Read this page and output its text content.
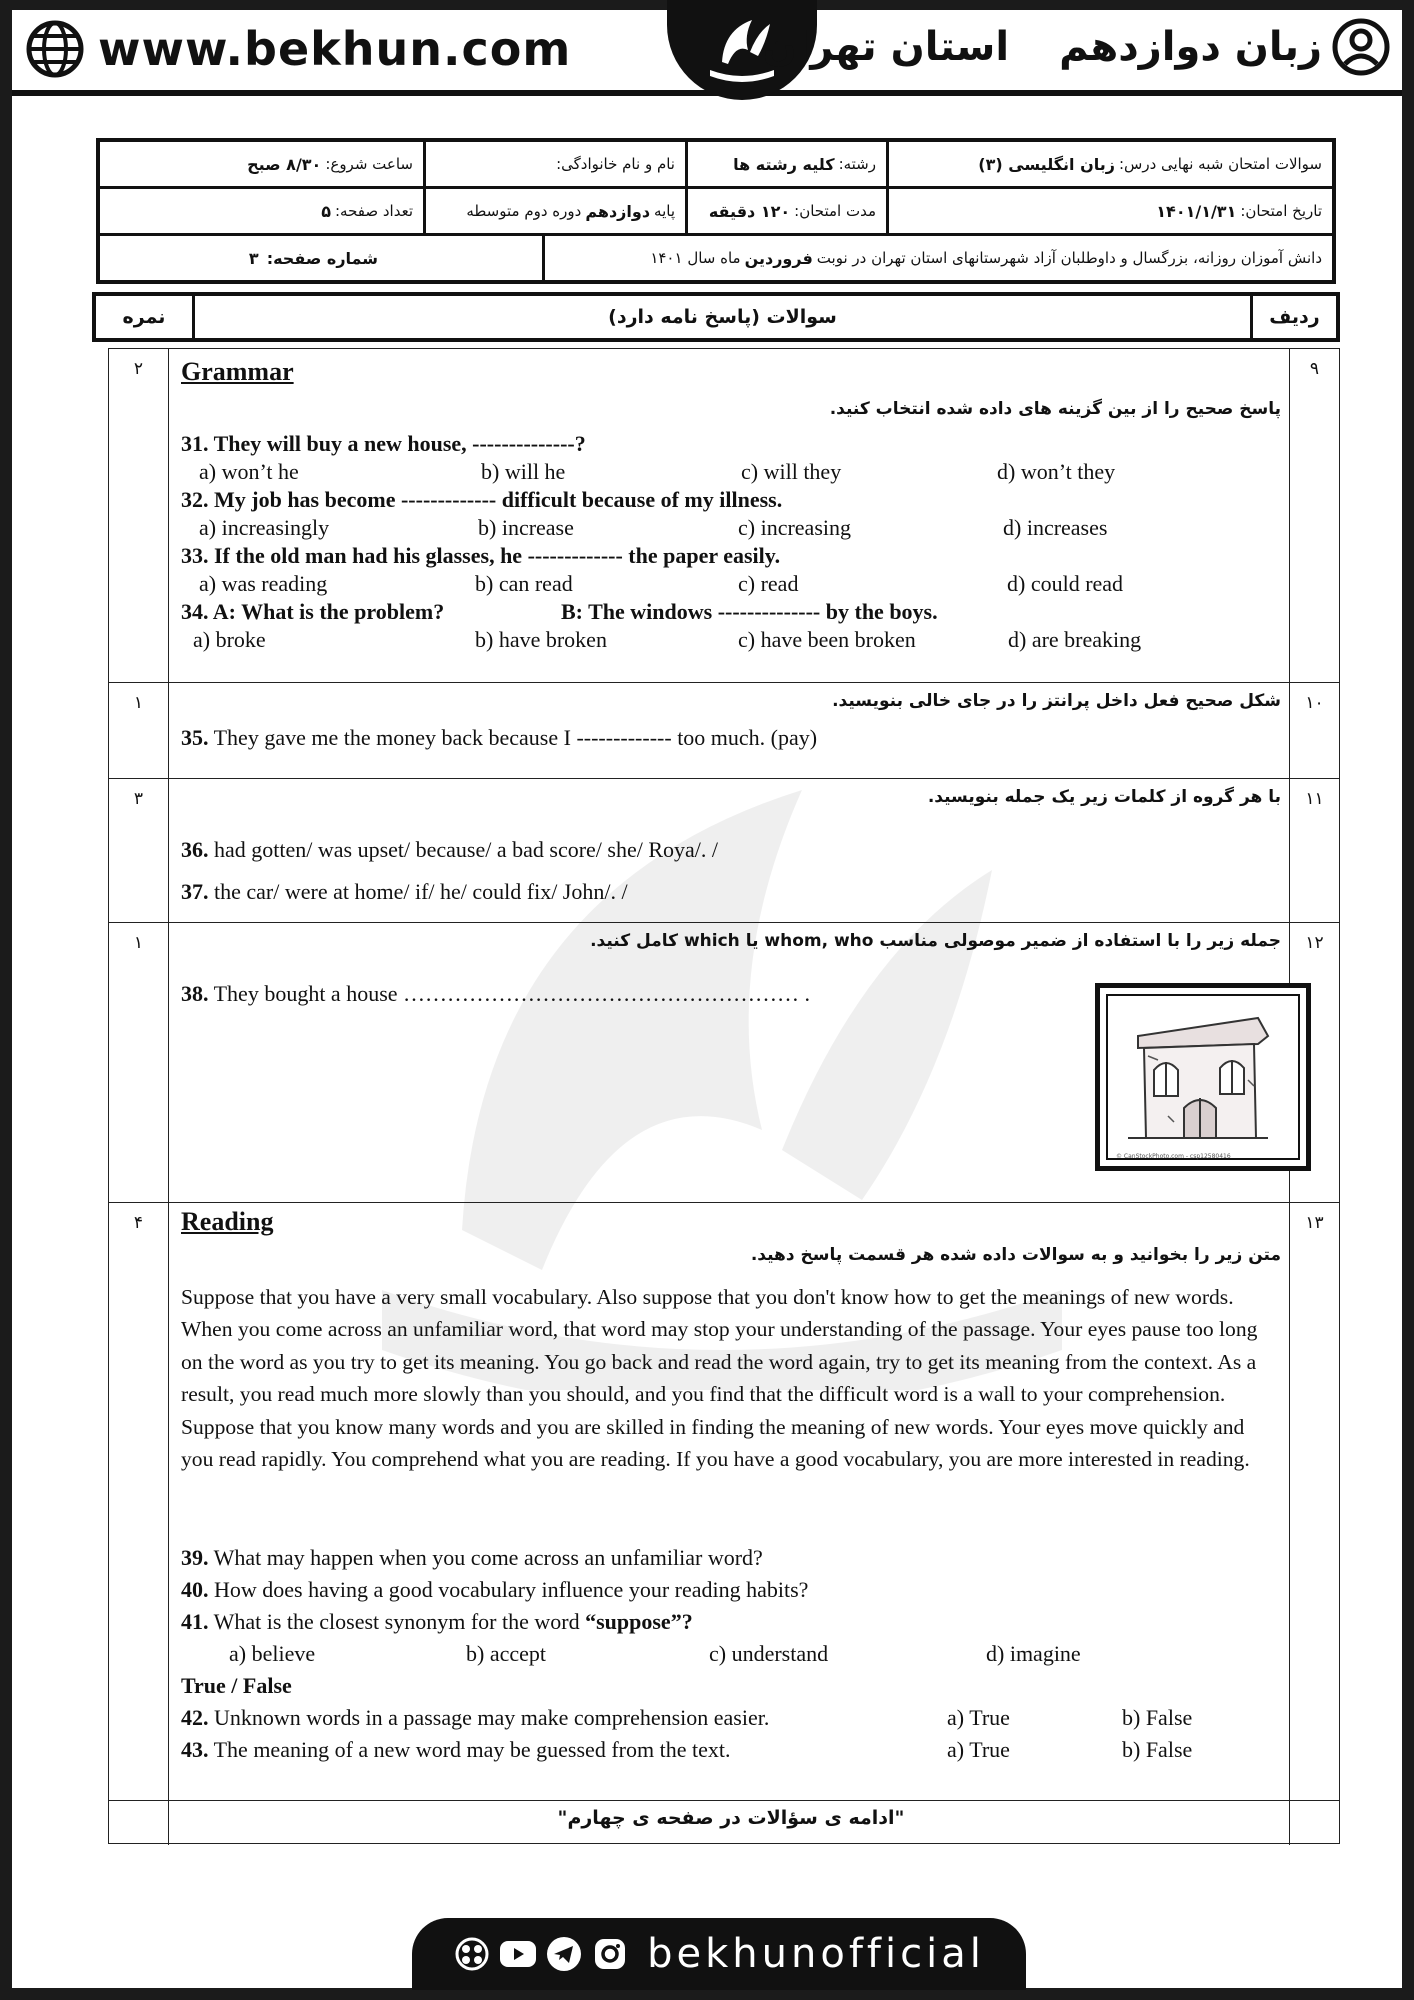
www.bekhun.com	زبان دوازدهم
استان تهران
سوالات امتحان شبه نهایی درس:
زبان انگلیسی (۳)
رشته:
کلیه رشته ها
نام و نام خانوادگی:
ساعت شروع:
۸/۳۰ صبح
تاریخ امتحان:
۱۴۰۱/۱/۳۱
مدت امتحان:
۱۲۰ دقیقه
پایه
دوازدهم
دوره دوم متوسطه
تعداد صفحه:
۵
دانش آموزان روزانه، بزرگسال و داوطلبان آزاد شهرستانهای استان تهران در نوبت
فروردین
ماه سال ۱۴۰۱
شماره صفحه:
۳
نمره	سوالات (پاسخ نامه دارد)	ردیف
۲	۹
Grammar
پاسخ صحیح را از بین گزینه های داده شده انتخاب کنید.
31. They will buy a new house, --------------?
a) won’t he	b) will he	c) will they	d) won’t they
32. My job has become ------------- difficult because of my illness.
a) increasingly	b) increase	c) increasing	d) increases
33. If the old man had his glasses, he ------------- the paper easily.
a) was reading	b) can read	c) read	d) could read
34. A: What is the problem?	B: The windows -------------- by the boys.
a) broke	b) have broken	c) have been broken	d) are breaking
۱	۱۰
شکل صحیح فعل داخل پرانتز را در جای خالی بنویسید.
35. They gave me the money back because I ------------- too much. (pay)
۳	۱۱
با هر گروه از کلمات زیر یک جمله بنویسید.
36. had gotten/ was upset/ because/ a bad score/ she/ Roya/. /
37. the car/ were at home/ if/ he/ could fix/ John/. /
۱	۱۲
جمله زیر را با استفاده از ضمیر موصولی مناسب whom, who یا which کامل کنید.
38. They bought a house ……………………………………………… .
© CanStockPhoto.com - csp12580416
۴	۱۳
Reading
متن زیر را بخوانید و به سوالات داده شده هر قسمت پاسخ دهید.
Suppose that you have a very small vocabulary. Also suppose that you don't know how to get the meanings of new words. When you come across an unfamiliar word, that word may stop your understanding of the passage. Your eyes pause too long on the word as you try to get its meaning. You go back and read the word again, try to get its meaning from the context. As a result, you read much more slowly than you should, and you find that the difficult word is a wall to your comprehension. Suppose that you know many words and you are skilled in finding the meaning of new words. Your eyes move quickly and you read rapidly. You comprehend what you are reading. If you have a good vocabulary, you are more interested in reading.
39. What may happen when you come across an unfamiliar word?
40. How does having a good vocabulary influence your reading habits?
41. What is the closest synonym for the word “suppose”?
a) believe	b) accept	c) understand	d) imagine
True / False
42. Unknown words in a passage may make comprehension easier.	a) True	b) False
43. The meaning of a new word may be guessed from the text.	a) True	b) False
"ادامه ی سؤالات در صفحه ی چهارم"
bekhunofficial
